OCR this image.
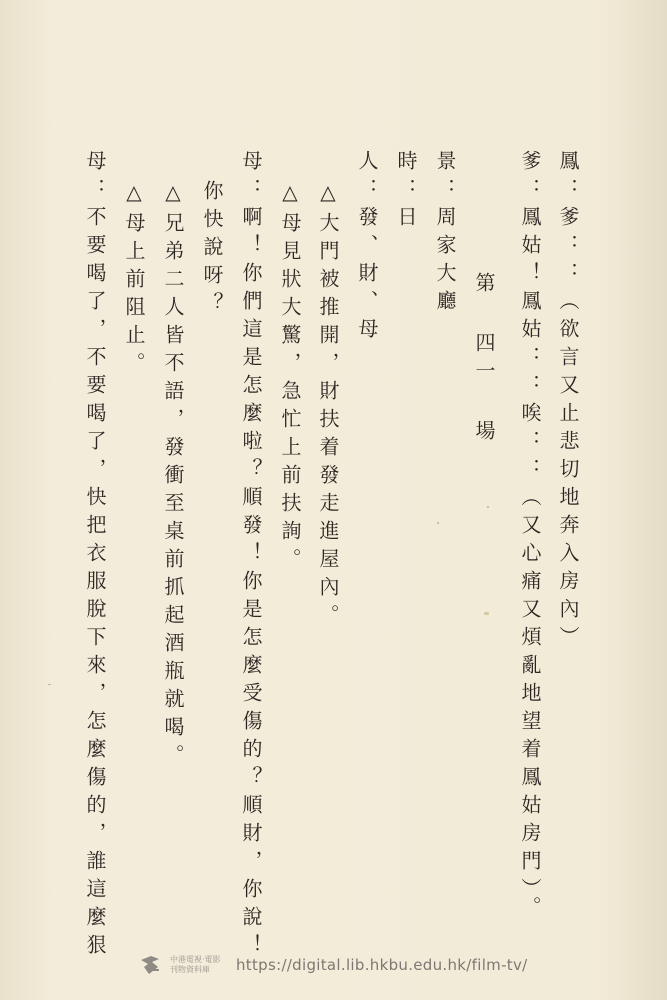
鳳：爹：：（欲言又止悲切地奔入房內）
爹：鳳姑！鳳姑：：唉：：（又心痛又煩亂地望着鳳姑房門）。
第 四一 場
景：周家大廳
時：日
人：發、財、母
△大門被推開，財扶着發走進屋內。
△母見狀大驚，急忙上前扶詢。
母：啊！你們這是怎麼啦？順發！你是怎麼受傷的？順財，你說！
你快說呀？
△兄弟二人皆不語，發衝至桌前抓起酒瓶就喝。
△母上前阻止。
母：不要喝了，不要喝了，快把衣服脫下來，怎麼傷的，誰這麼狠	中港電視·電影
刊物資料庫	https://digital.lib.hkbu.edu.hk/film-tv/
